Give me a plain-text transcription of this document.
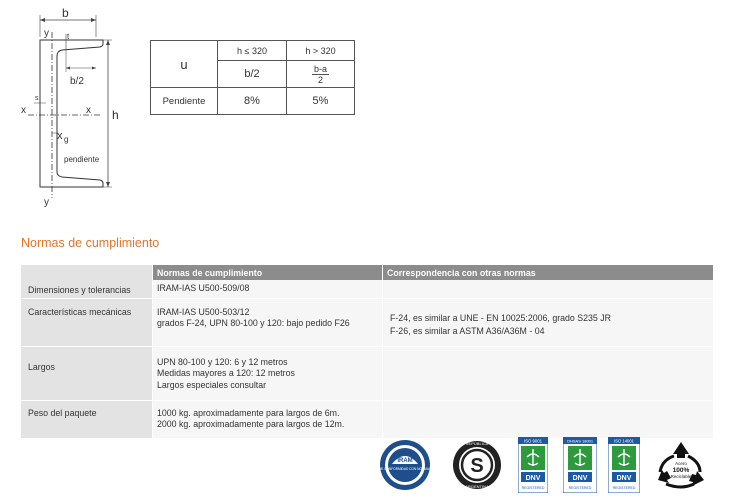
b
t
b/2
h
y
y
x	x
s
x g
pendiente
u	h ≤ 320	h > 320
	b/2	$\frac{b-a}{2}$

Pendiente	8%	5%
Normas de cumplimiento
	Normas de cumplimiento	Correspondencia con otras normas
Dimensiones y tolerancias	IRAM-IAS U500-509/08	

Características mecánicas	IRAM-IAS U500-503/12
grados F-24, UPN 80-100 y 120: bajo pedido F26	F-24, es similar a UNE - EN 10025:2006, grado S235 JR
F-26, es similar a ASTM A36/A36M - 04

Largos	UPN 80-100 y 120: 6 y 12 metros
Medidas mayores a 120: 12 metros
Largos especiales consultar	

Peso del paquete	1000 kg. aproximadamente para largos de 6m.
2000 kg. aproximadamente para largos de 12m.	

IRAM
DE CONFORMIDAD CON NORMAS S
REPÚBLICA
ARGENTINA
ISO 9001
DNV
REGISTERED
OHSAS 18001
DNV
REGISTERED
ISO 14001
DNV
REGISTERED
Acero
100%
Reciclable
